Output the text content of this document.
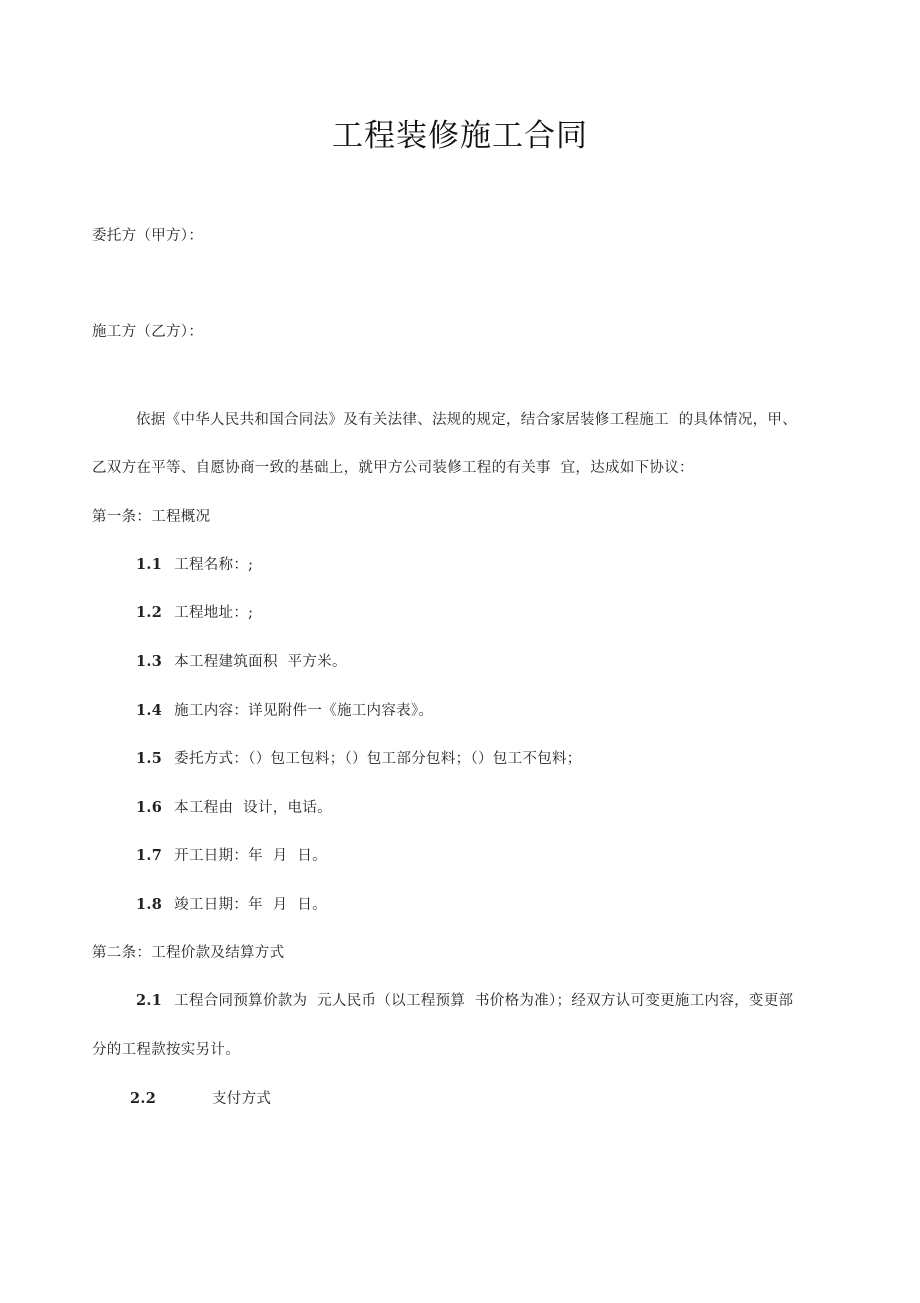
工程装修施工合同
委托方（甲方）：
施工方（乙方）：
依据《中华人民共和国合同法》及有关法律、法规的规定，结合家居装修工程施工  的具体情况，甲、
乙双方在平等、自愿协商一致的基础上，就甲方公司装修工程的有关事  宜，达成如下协议：
第一条：工程概况
1.1 工程名称：;
1.2 工程地址：;
1.3 本工程建筑面积  平方米。
1.4 施工内容：详见附件一《施工内容表》。
1.5 委托方式：（）包工包料；（）包工部分包料；（）包工不包料；
1.6 本工程由  设计，电话。
1.7 开工日期：年  月  日。
1.8 竣工日期：年  月  日。
第二条：工程价款及结算方式
2.1 工程合同预算价款为  元人民币（以工程预算  书价格为准）；经双方认可变更施工内容，变更部
分的工程款按实另计。
2.2	支付方式
